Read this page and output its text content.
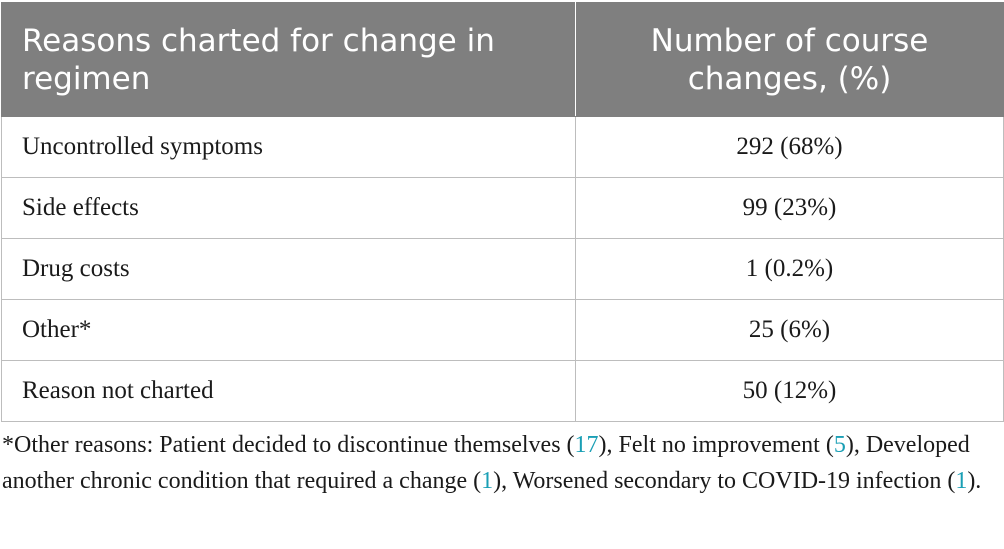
Reasons charted for change in regimen	Number of course changes, (%)
Uncontrolled symptoms	292 (68%)
Side effects	99 (23%)
Drug costs	1 (0.2%)
Other*	25 (6%)
Reason not charted	50 (12%)
*Other reasons: Patient decided to discontinue themselves (17), Felt no improvement (5), Developed another chronic condition that required a change (1), Worsened secondary to COVID-19 infection (1).
